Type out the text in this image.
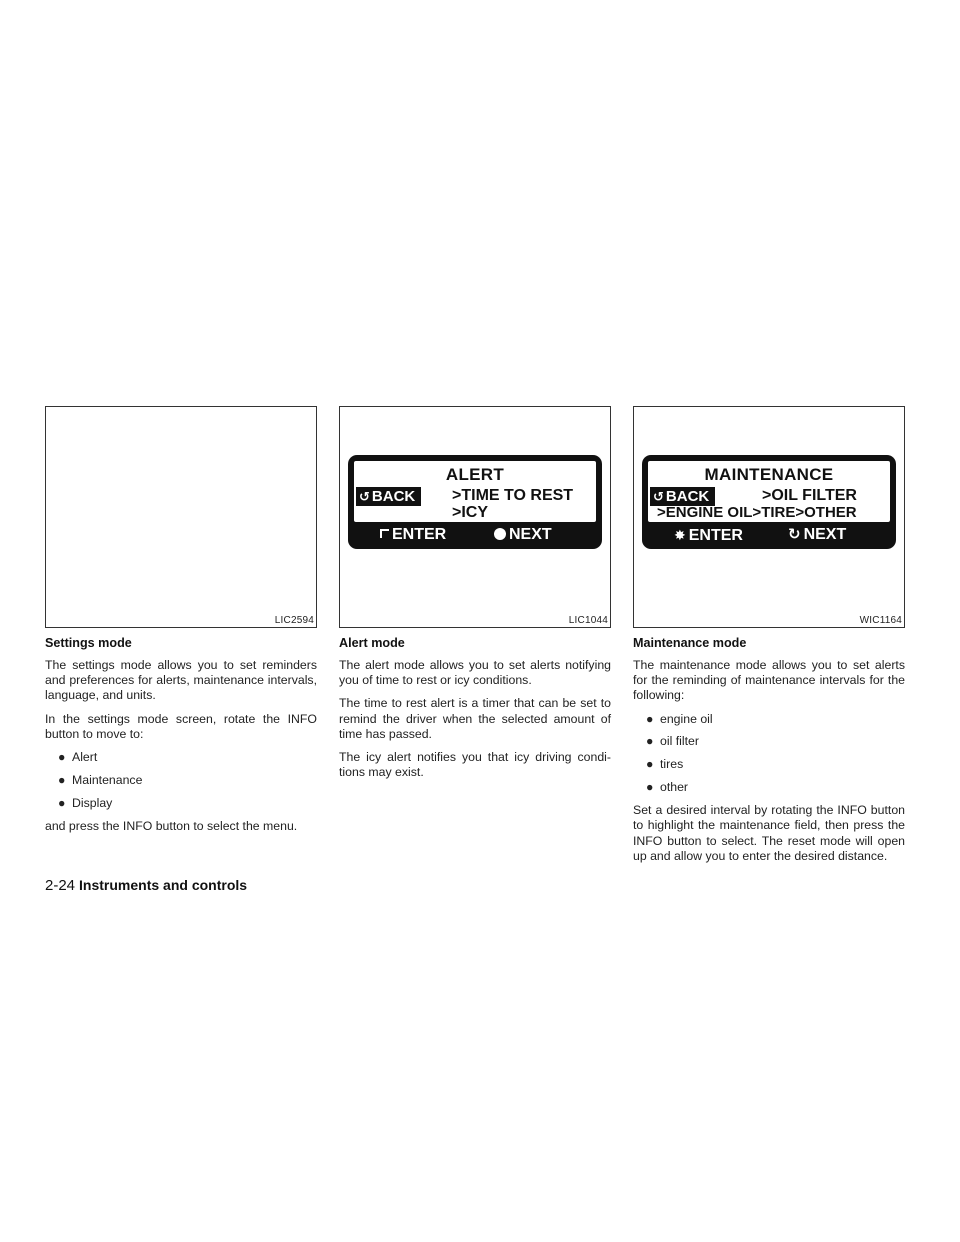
LIC2594
Settings mode

The settings mode allows you to set reminders and preferences for alerts, maintenance intervals, language, and units.

In the settings mode screen, rotate the INFO button to move to:

● Alert
● Maintenance
● Display

and press the INFO button to select the menu.

ALERT
↺ BACK	>TIME TO REST
>ICY
ENTER	NEXT
LIC1044
Alert mode

The alert mode allows you to set alerts notifying you of time to rest or icy conditions.

The time to rest alert is a timer that can be set to remind the driver when the selected amount of time has passed.

The icy alert notifies you that icy driving condi- tions may exist.

MAINTENANCE
↺ BACK	>OIL FILTER
>ENGINE OIL>TIRE>OTHER
✸ ENTER	↻ NEXT
WIC1164
Maintenance mode

The maintenance mode allows you to set alerts for the reminding of maintenance intervals for the following:

● engine oil
● oil filter
● tires
● other

Set a desired interval by rotating the INFO button to highlight the maintenance field, then press the INFO button to select. The reset mode will open up and allow you to enter the desired distance.

2-24 Instruments and controls
